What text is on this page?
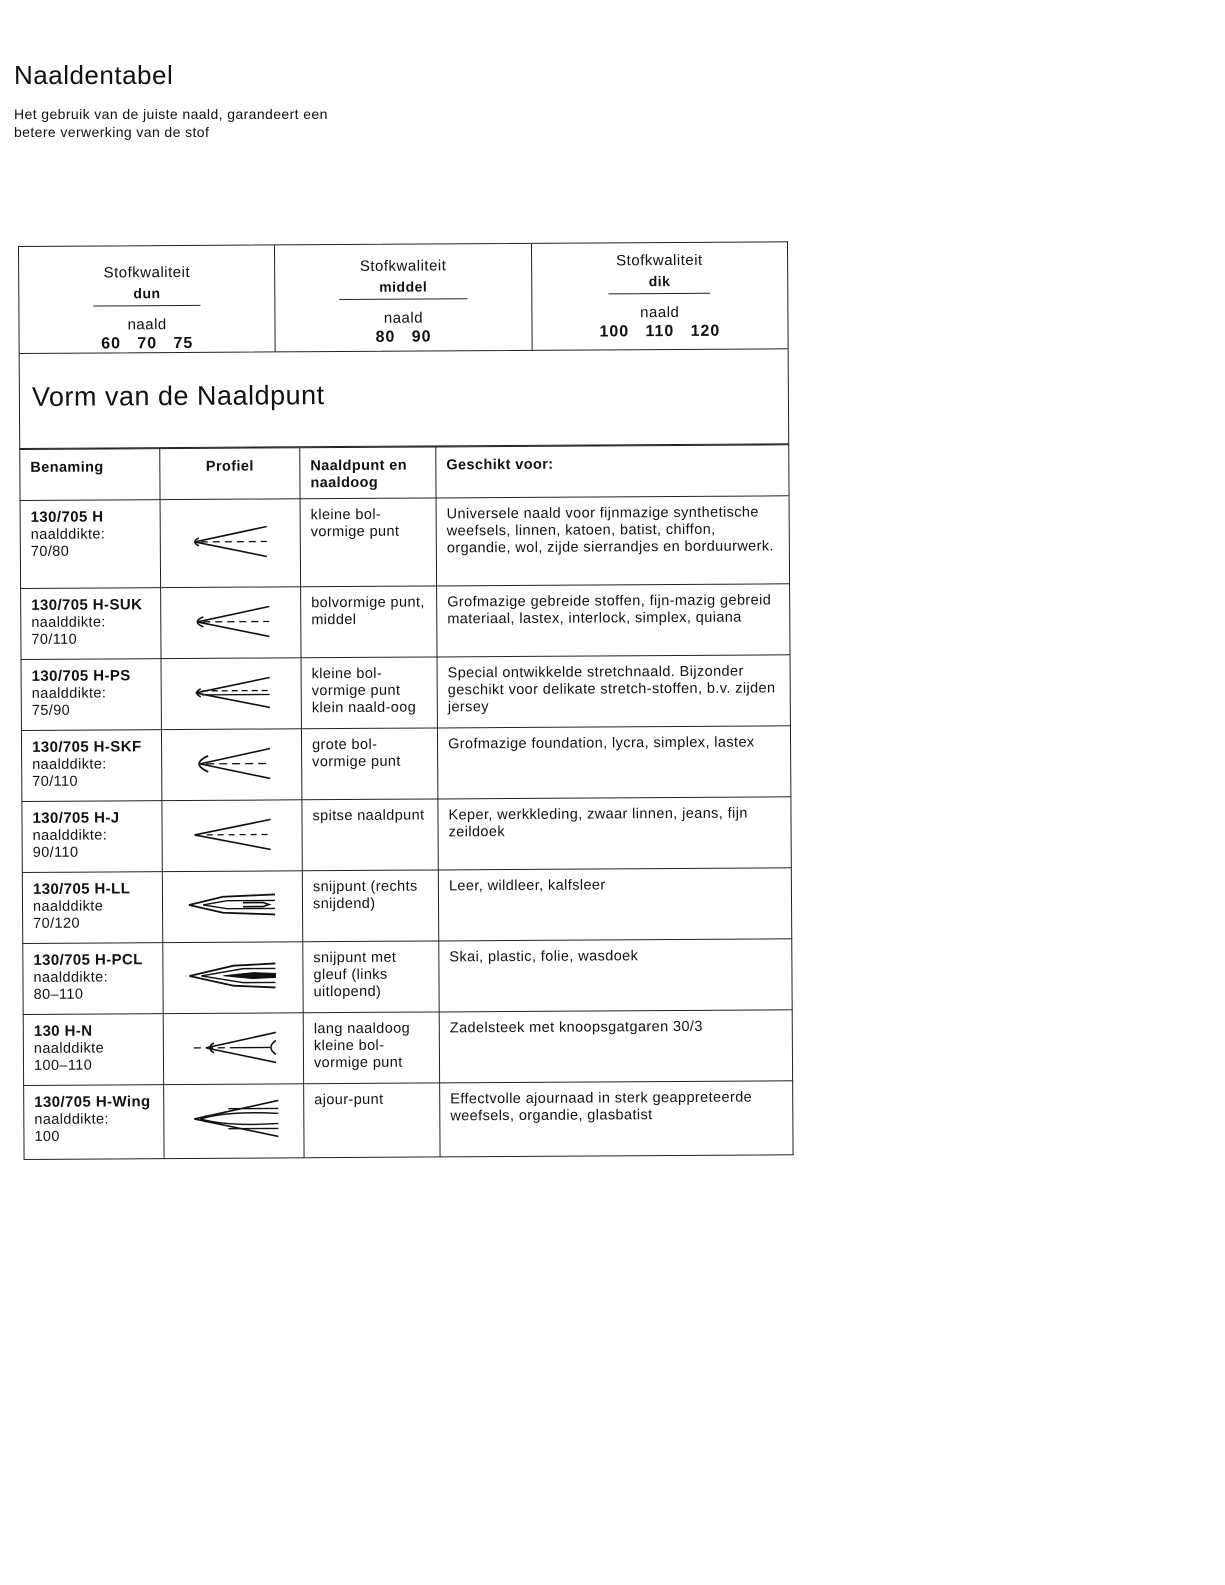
Naaldentabel
Het gebruik van de juiste naald, garandeert een
betere verwerking van de stof
Stofkwaliteit
dun
naald
60   70   75
Stofkwaliteit
middel
naald
80   90
Stofkwaliteit
dik
naald
100   110   120
Vorm van de Naaldpunt
Benaming	Profiel	Naaldpunt en naaldoog	Geschikt voor:

130/705 H
naalddikte:
70/80		kleine bol-vormige punt	Universele naald voor fijnmazige synthetische weefsels, linnen, katoen, batist, chiffon, organdie, wol, zijde sierrandjes en borduurwerk.

130/705 H-SUK
naalddikte:
70/110		bolvormige punt, middel	Grofmazige gebreide stoffen, fijn-mazig gebreid materiaal, lastex, interlock, simplex, quiana

130/705 H-PS
naalddikte:
75/90		kleine bol-vormige punt klein naald-oog	Special ontwikkelde stretchnaald. Bijzonder geschikt voor delikate stretch-stoffen, b.v. zijden jersey

130/705 H-SKF
naalddikte:
70/110		grote bol-vormige punt	Grofmazige foundation, lycra, simplex, lastex

130/705 H-J
naalddikte:
90/110		spitse naaldpunt	Keper, werkkleding, zwaar linnen, jeans, fijn zeildoek

130/705 H-LL
naalddikte
70/120		snijpunt (rechts snijdend)	Leer, wildleer, kalfsleer

130/705 H-PCL
naalddikte:
80–110		snijpunt met gleuf (links uitlopend)	Skai, plastic, folie, wasdoek

130 H-N
naalddikte
100–110		lang naaldoog kleine bol-vormige punt	Zadelsteek met knoopsgatgaren 30/3

130/705 H-Wing
naalddikte:
100		ajour-punt	Effectvolle ajournaad in sterk geappreteerde weefsels, organdie, glasbatist
